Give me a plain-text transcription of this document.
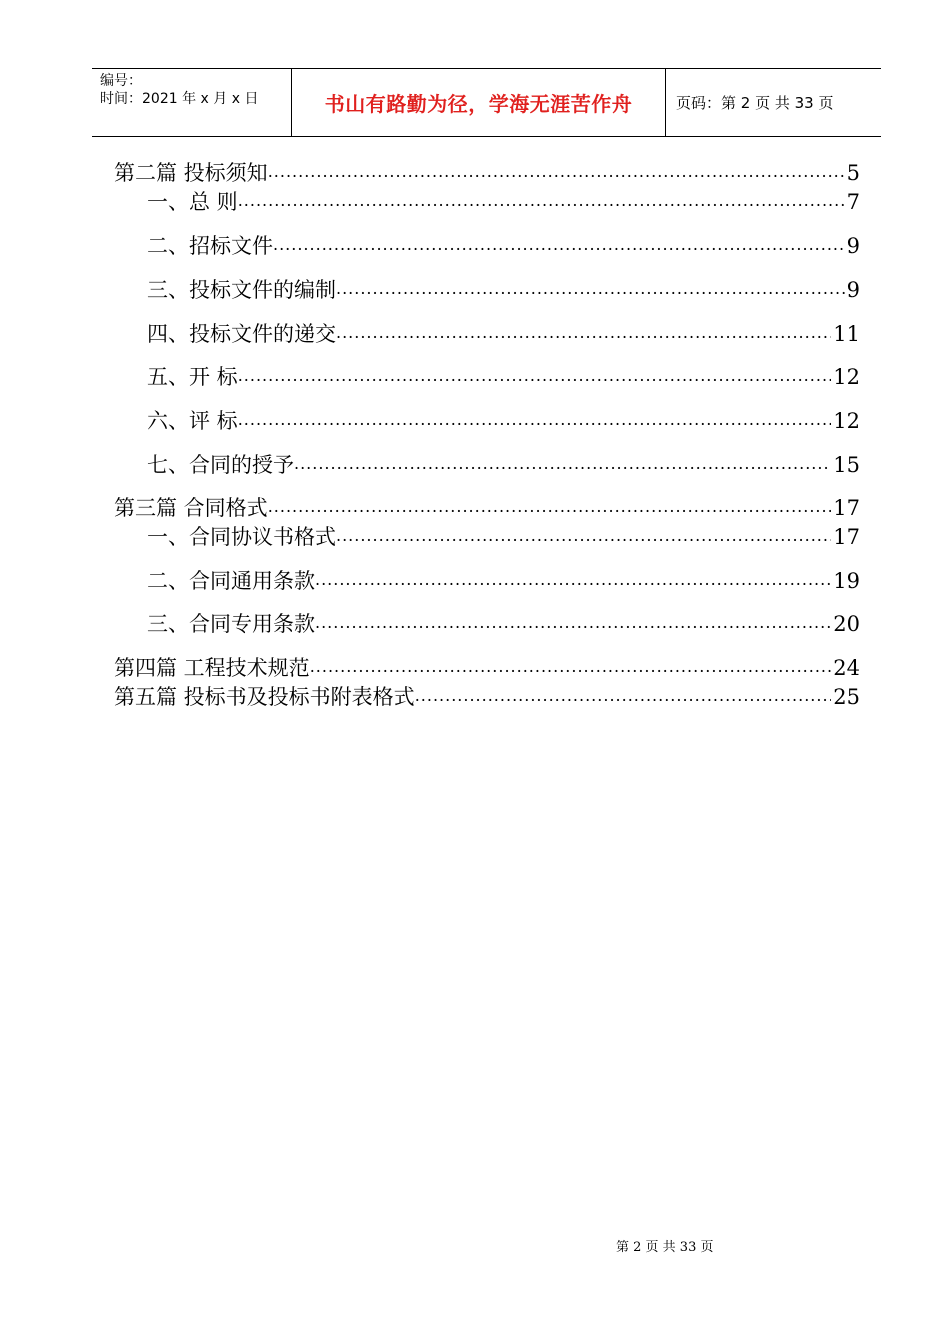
编号：
时间：2021 年 x 月 x 日	书山有路勤为径，学海无涯苦作舟	页码：第 2 页 共 33 页
第二篇 投标须知 .....	5
一、总 则 .....	7
二、招标文件 .....	9
三、投标文件的编制 .....	9
四、投标文件的递交 .....	11
五、开 标 .....	12
六、评 标 .....	12
七、合同的授予 .....	15
第三篇 合同格式 .....	17
一、合同协议书格式 .....	17
二、合同通用条款 .....	19
三、合同专用条款 .....	20
第四篇 工程技术规范 .....	24
第五篇 投标书及投标书附表格式 .....	25
第 2 页 共 33 页
